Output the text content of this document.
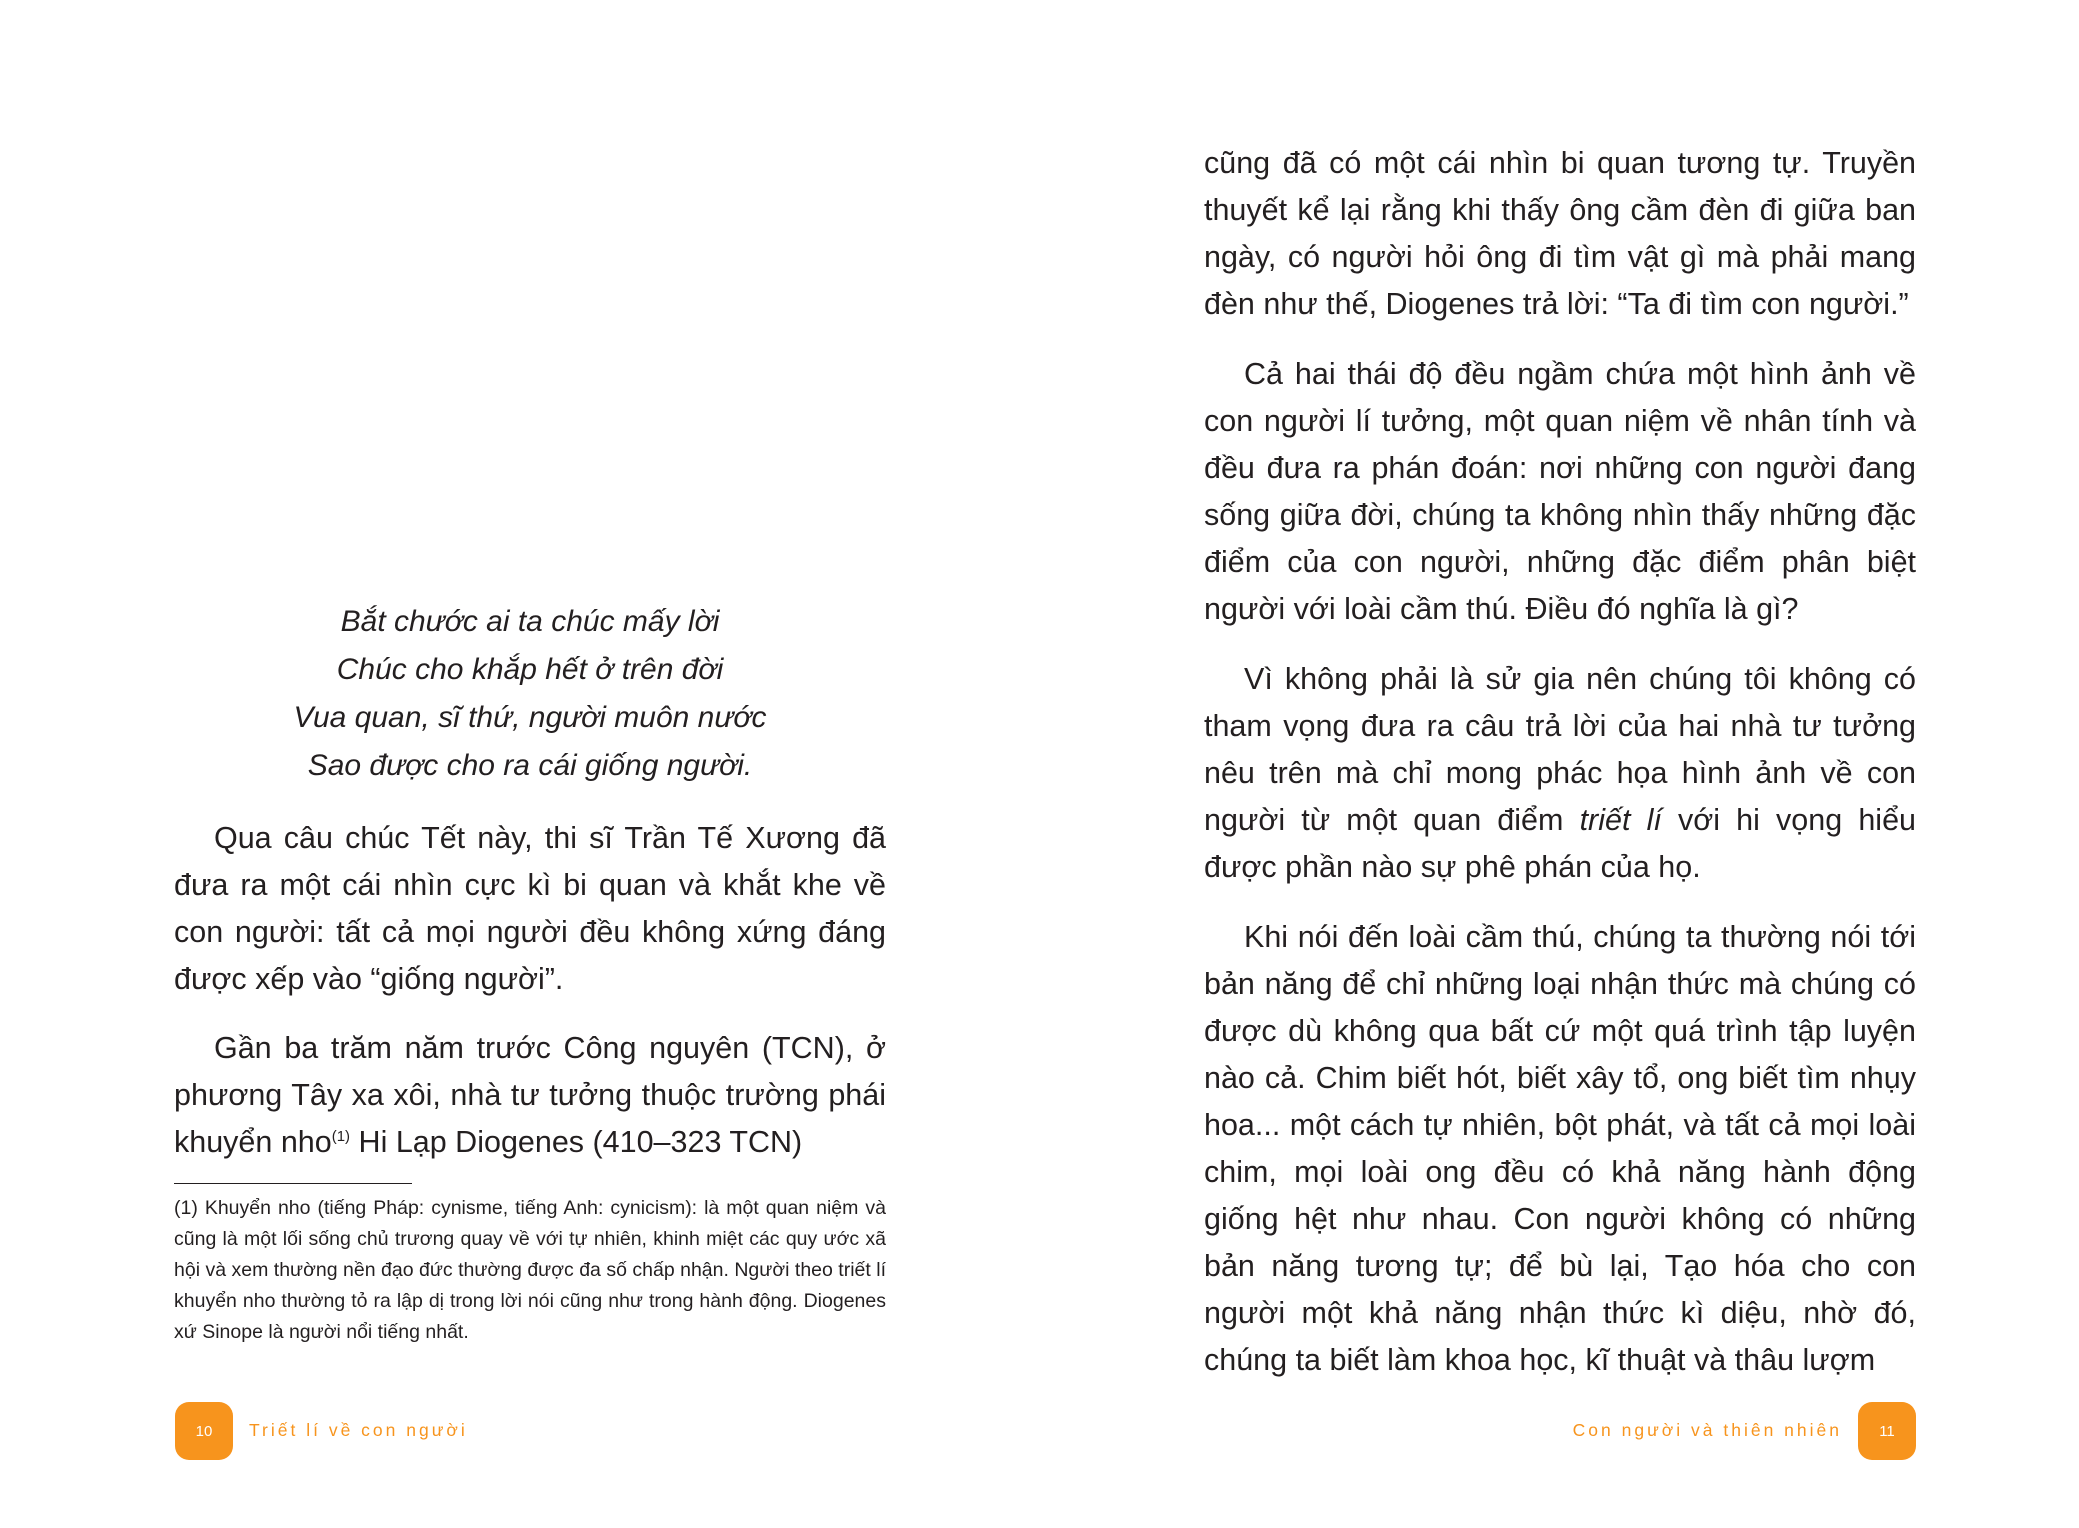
Bắt chước ai ta chúc mấy lời
Chúc cho khắp hết ở trên đời
Vua quan, sĩ thứ, người muôn nước
Sao được cho ra cái giống người.
Qua câu chúc Tết này, thi sĩ Trần Tế Xương đã đưa ra một cái nhìn cực kì bi quan và khắt khe về con người: tất cả mọi người đều không xứng đáng được xếp vào “giống người”.
Gần ba trăm năm trước Công nguyên (TCN), ở phương Tây xa xôi, nhà tư tưởng thuộc trường phái khuyển nho$^{(1)}$ Hi Lạp Diogenes (410–323 TCN)
(1) Khuyển nho (tiếng Pháp: cynisme, tiếng Anh: cynicism): là một quan niệm và cũng là một lối sống chủ trương quay về với tự nhiên, khinh miệt các quy ước xã hội và xem thường nền đạo đức thường được đa số chấp nhận. Người theo triết lí khuyển nho thường tỏ ra lập dị trong lời nói cũng như trong hành động. Diogenes xứ Sinope là người nổi tiếng nhất.
10	Triết lí về con người
cũng đã có một cái nhìn bi quan tương tự. Truyền thuyết kể lại rằng khi thấy ông cầm đèn đi giữa ban ngày, có người hỏi ông đi tìm vật gì mà phải mang đèn như thế, Diogenes trả lời: “Ta đi tìm con người.”
Cả hai thái độ đều ngầm chứa một hình ảnh về con người lí tưởng, một quan niệm về nhân tính và đều đưa ra phán đoán: nơi những con người đang sống giữa đời, chúng ta không nhìn thấy những đặc điểm của con người, những đặc điểm phân biệt người với loài cầm thú. Điều đó nghĩa là gì?
Vì không phải là sử gia nên chúng tôi không có tham vọng đưa ra câu trả lời của hai nhà tư tưởng nêu trên mà chỉ mong phác họa hình ảnh về con người từ một quan điểm triết lí với hi vọng hiểu được phần nào sự phê phán của họ.
Khi nói đến loài cầm thú, chúng ta thường nói tới bản năng để chỉ những loại nhận thức mà chúng có được dù không qua bất cứ một quá trình tập luyện nào cả. Chim biết hót, biết xây tổ, ong biết tìm nhụy hoa... một cách tự nhiên, bột phát, và tất cả mọi loài chim, mọi loài ong đều có khả năng hành động giống hệt như nhau. Con người không có những bản năng tương tự; để bù lại, Tạo hóa cho con người một khả năng nhận thức kì diệu, nhờ đó, chúng ta biết làm khoa học, kĩ thuật và thâu lượm
Con người và thiên nhiên	11
